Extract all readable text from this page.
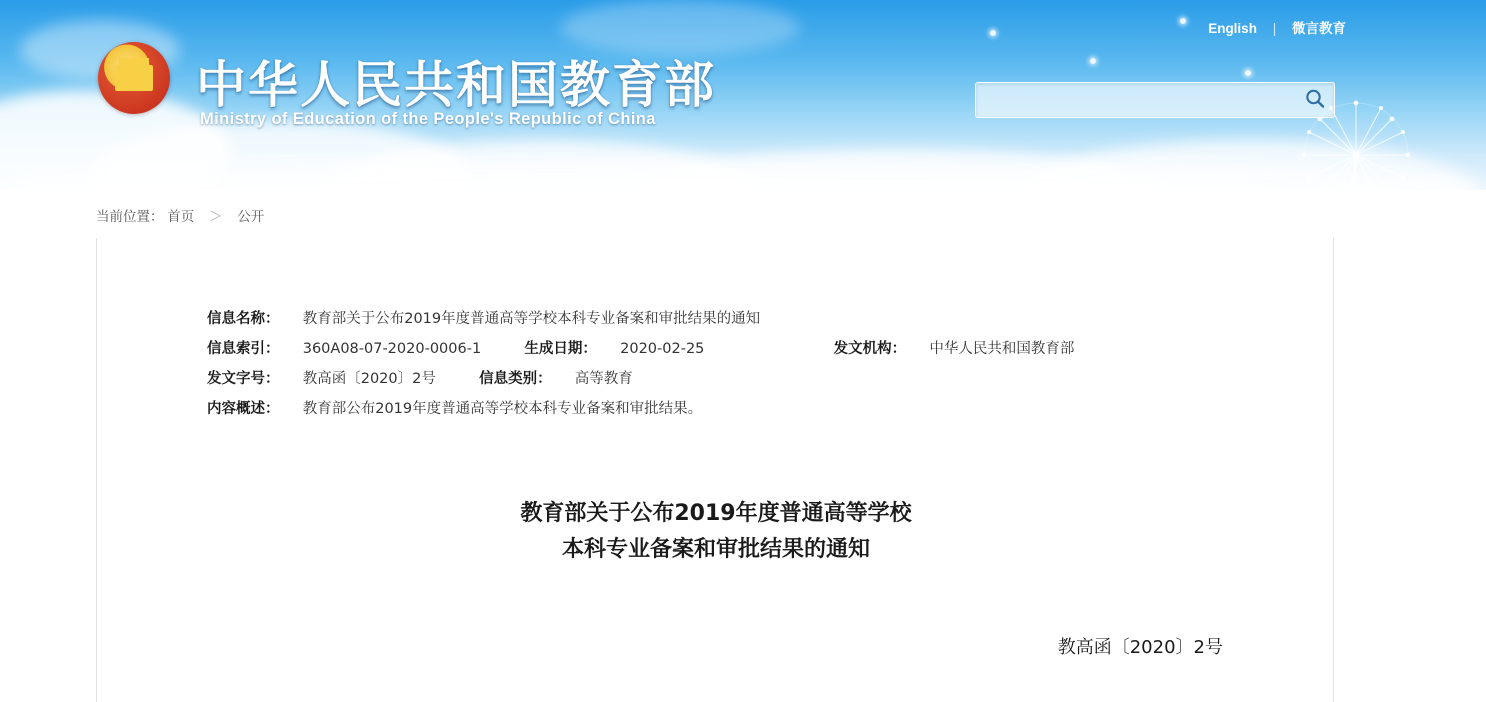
中华人民共和国教育部
Ministry of Education of the People's Republic of China
English | 微言教育
当前位置： 首页 ＞ 公开
信息名称： 教育部关于公布2019年度普通高等学校本科专业备案和审批结果的通知
信息索引： 360A08-07-2020-0006-1	生成日期： 2020-02-25	发文机构： 中华人民共和国教育部
发文字号： 教高函〔2020〕2号	信息类别： 高等教育
内容概述： 教育部公布2019年度普通高等学校本科专业备案和审批结果。
教育部关于公布2019年度普通高等学校
本科专业备案和审批结果的通知
教高函〔2020〕2号
